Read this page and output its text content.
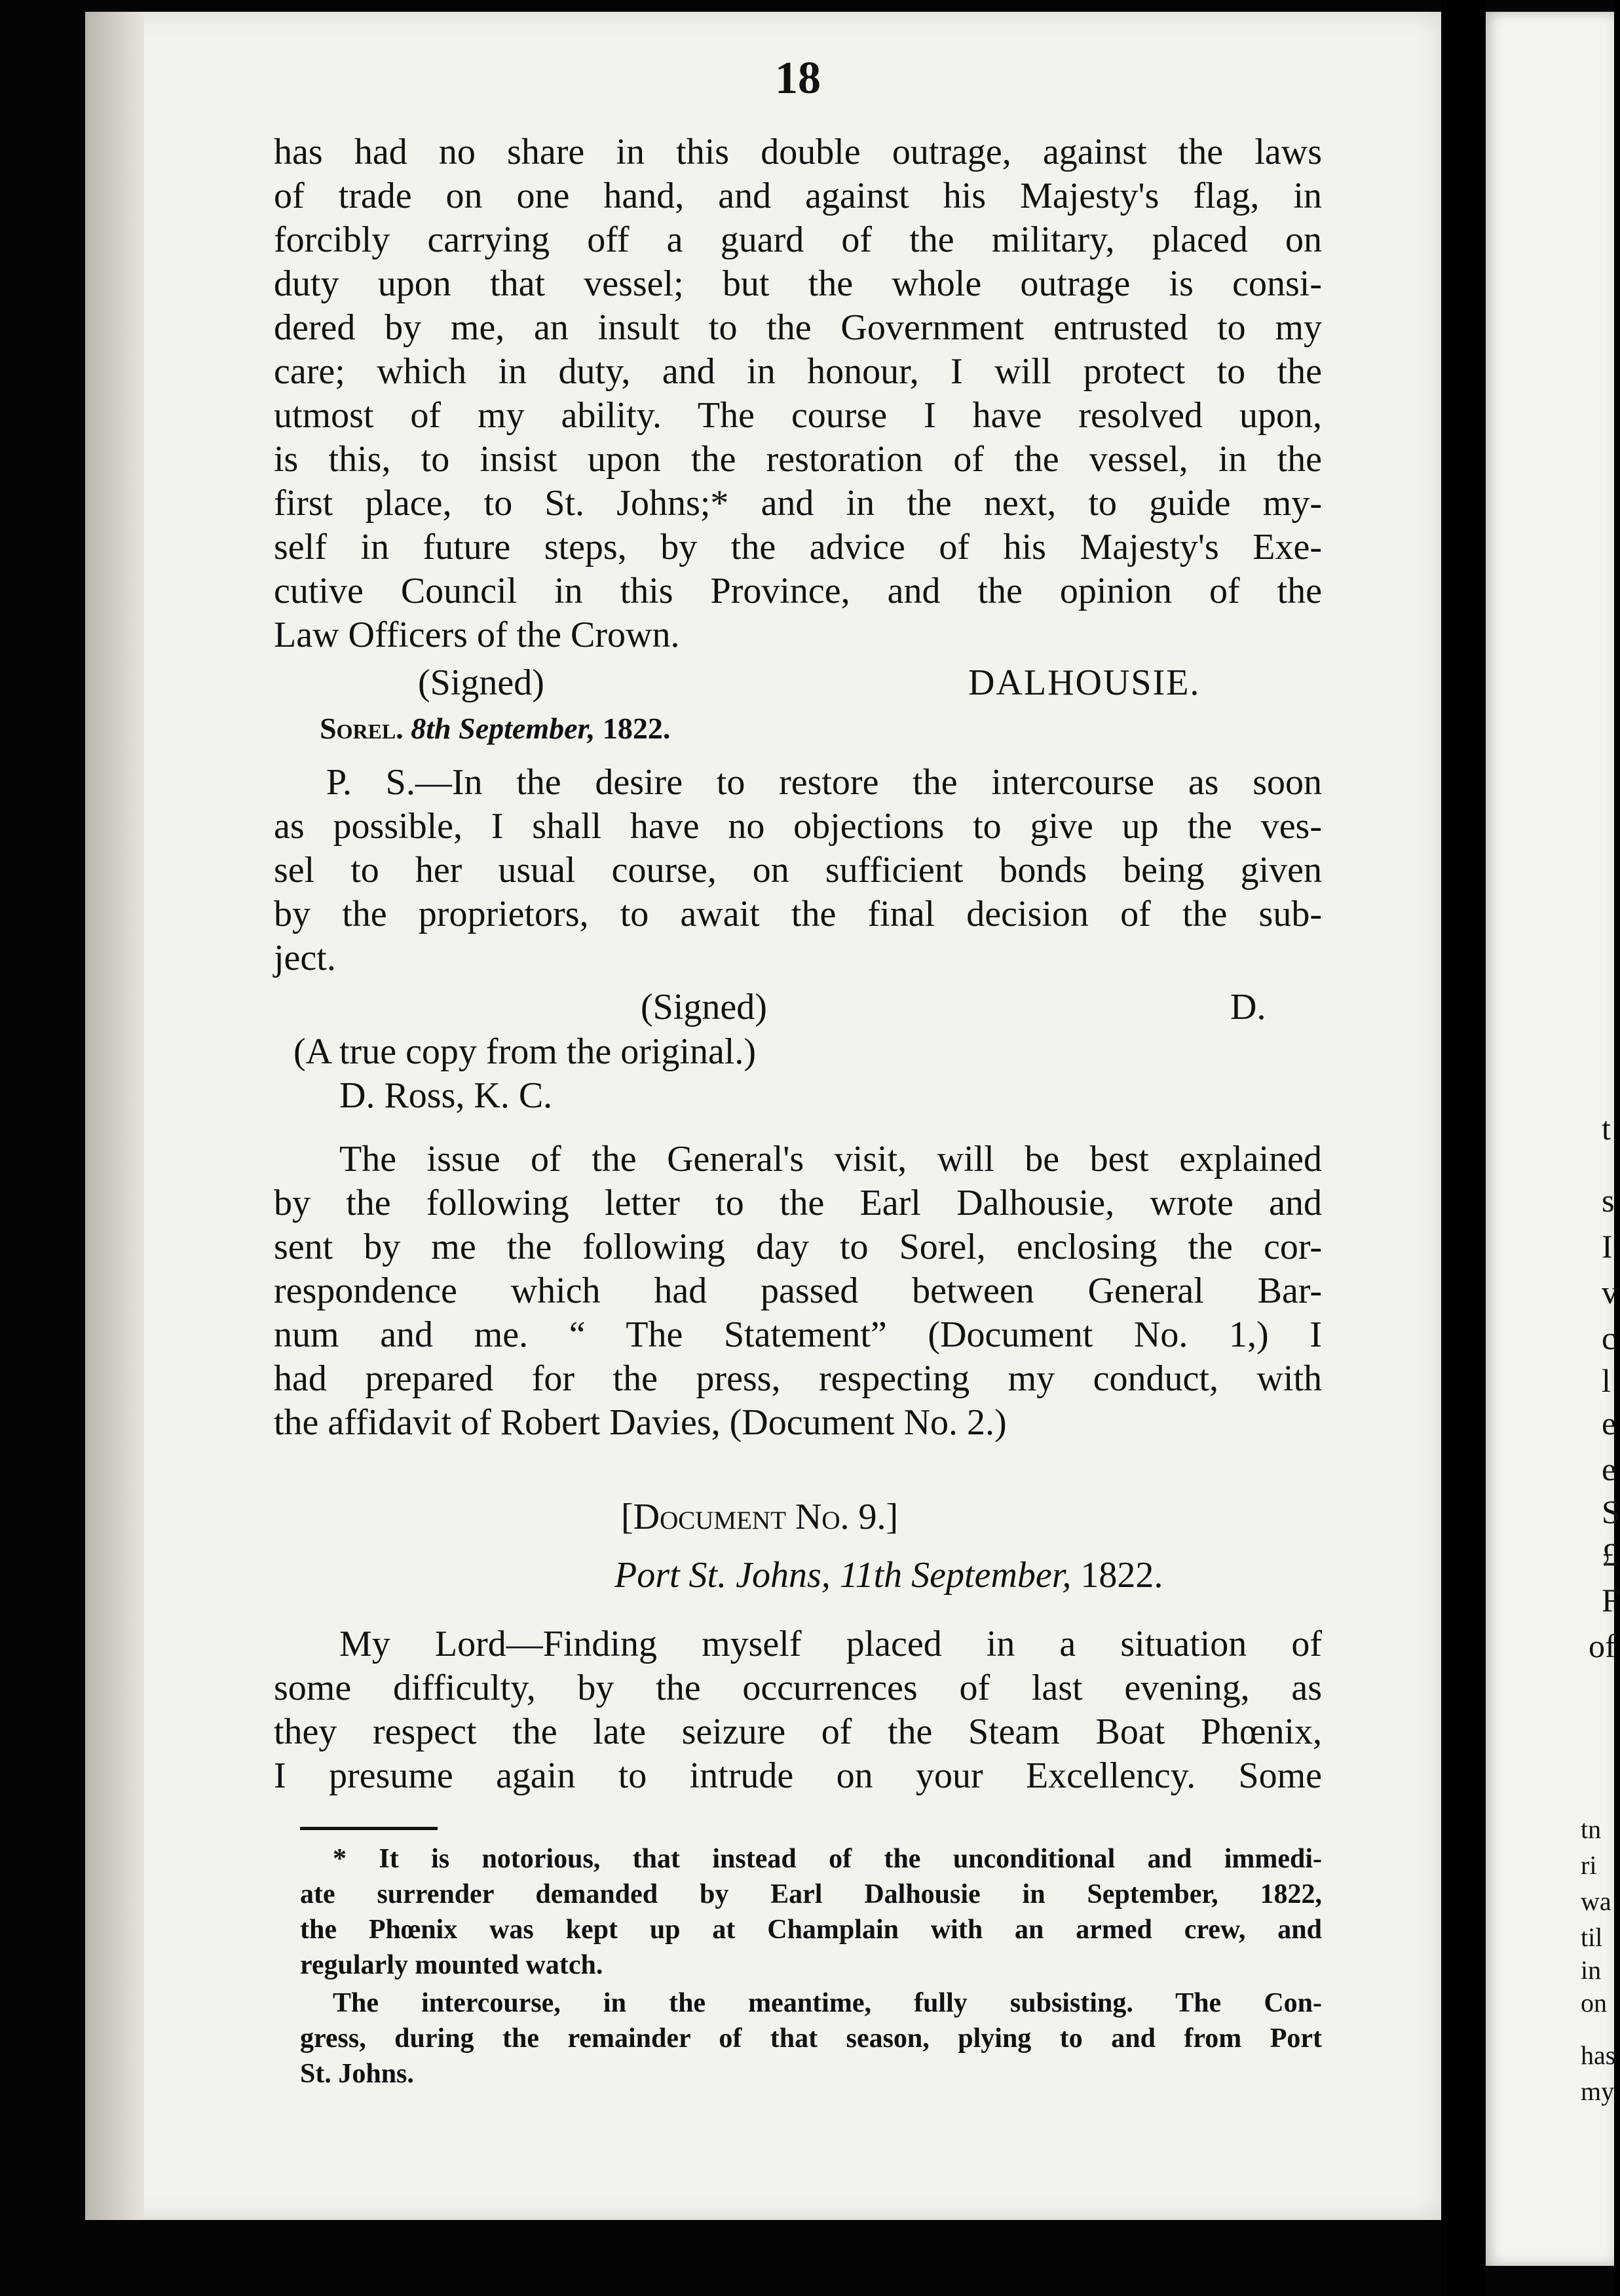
t

s

I

v

c

l

e

e

S

£

F

of

tn

ri

wa

til

in

on

has

my

18
has had no share in this double outrage, against the laws
of trade on one hand, and against his Majesty's flag, in
forcibly carrying off a guard of the military, placed on
duty upon that vessel; but the whole outrage is consi-
dered by me, an insult to the Government entrusted to my
care; which in duty, and in honour, I will protect to the
utmost of my ability. The course I have resolved upon,
is this, to insist upon the restoration of the vessel, in the
first place, to St. Johns;* and in the next, to guide my-
self in future steps, by the advice of his Majesty's Exe-
cutive Council in this Province, and the opinion of the
Law Officers of the Crown.
(Signed)	DALHOUSIE.
Sorel. 8th September, 1822.
P. S.—In the desire to restore the intercourse as soon
as possible, I shall have no objections to give up the ves-
sel to her usual course, on sufficient bonds being given
by the proprietors, to await the final decision of the sub-
ject.
(Signed)	D.
(A true copy from the original.)
D. Ross, K. C.
The issue of the General's visit, will be best explained
by the following letter to the Earl Dalhousie, wrote and
sent by me the following day to Sorel, enclosing the cor-
respondence which had passed between General Bar-
num and me. “ The Statement” (Document No. 1,) I
had prepared for the press, respecting my conduct, with
the affidavit of Robert Davies, (Document No. 2.)
[Document No. 9.]
Port St. Johns, 11th September, 1822.
My Lord—Finding myself placed in a situation of
some difficulty, by the occurrences of last evening, as
they respect the late seizure of the Steam Boat Phœnix,
I presume again to intrude on your Excellency. Some
* It is notorious, that instead of the unconditional and immedi-
ate surrender demanded by Earl Dalhousie in September, 1822,
the Phœnix was kept up at Champlain with an armed crew, and
regularly mounted watch.
The intercourse, in the meantime, fully subsisting. The Con-
gress, during the remainder of that season, plying to and from Port
St. Johns.
